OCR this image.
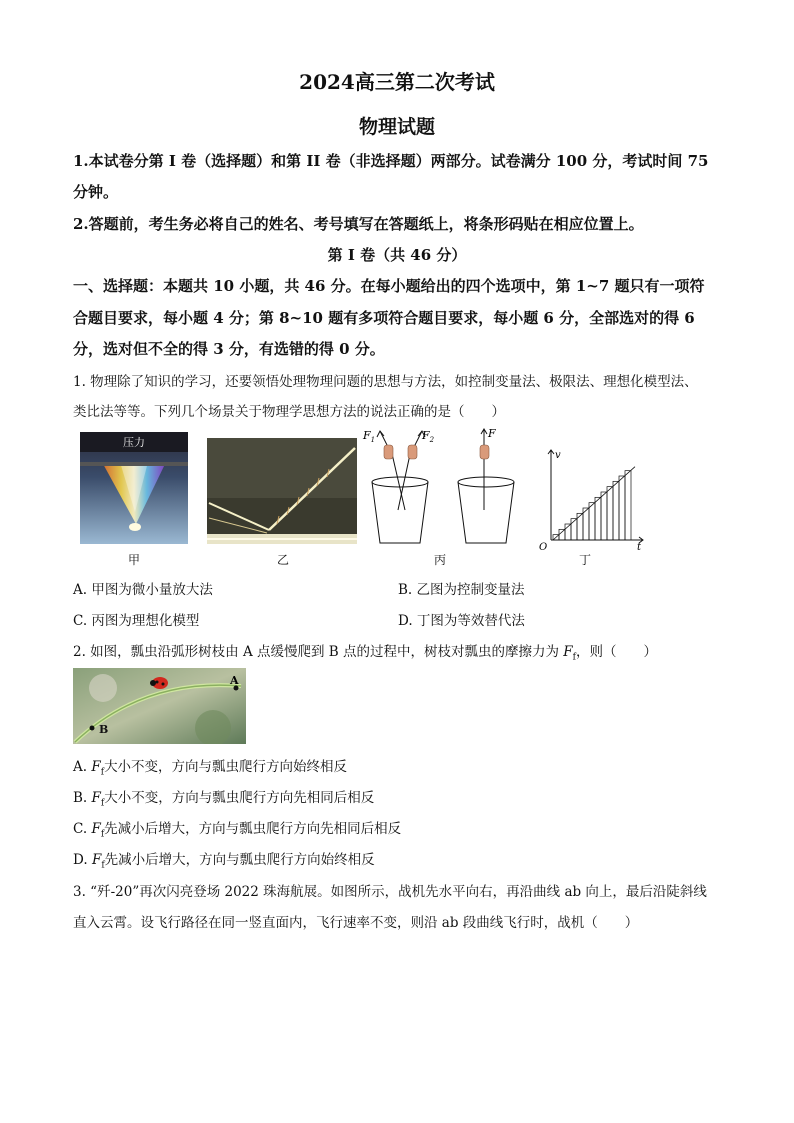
2024高三第二次考试
物理试题
1.本试卷分第 I 卷（选择题）和第 II 卷（非选择题）两部分。试卷满分 100 分，考试时间 75
分钟。
2.答题前，考生务必将自己的姓名、考号填写在答题纸上，将条形码贴在相应位置上。
第 I 卷（共 46 分）
一、选择题：本题共 10 小题，共 46 分。在每小题给出的四个选项中，第 1~7 题只有一项符
合题目要求，每小题 4 分；第 8~10 题有多项符合题目要求，每小题 6 分，全部选对的得 6
分，选对但不全的得 3 分，有选错的得 0 分。
1. 物理除了知识的学习，还要领悟处理物理问题的思想与方法，如控制变量法、极限法、理想化模型法、
类比法等等。下列几个场景关于物理学思想方法的说法正确的是（　　）
压力
甲	乙
$F_1$	$F_2$	F
丙
v
t
O
丁
A. 甲图为微小量放大法	B. 乙图为控制变量法
C. 丙图为理想化模型	D. 丁图为等效替代法
2. 如图，瓢虫沿弧形树枝由 A 点缓慢爬到 B 点的过程中，树枝对瓢虫的摩擦力为 $F_f$，则（　　）
A
B
A. $F_f$大小不变，方向与瓢虫爬行方向始终相反
B. $F_f$大小不变，方向与瓢虫爬行方向先相同后相反
C. $F_f$先减小后增大，方向与瓢虫爬行方向先相同后相反
D. $F_f$先减小后增大，方向与瓢虫爬行方向始终相反
3. “歼-20”再次闪亮登场 2022 珠海航展。如图所示，战机先水平向右，再沿曲线 ab 向上，最后沿陡斜线
直入云霄。设飞行路径在同一竖直面内，飞行速率不变，则沿 ab 段曲线飞行时，战机（　　）
